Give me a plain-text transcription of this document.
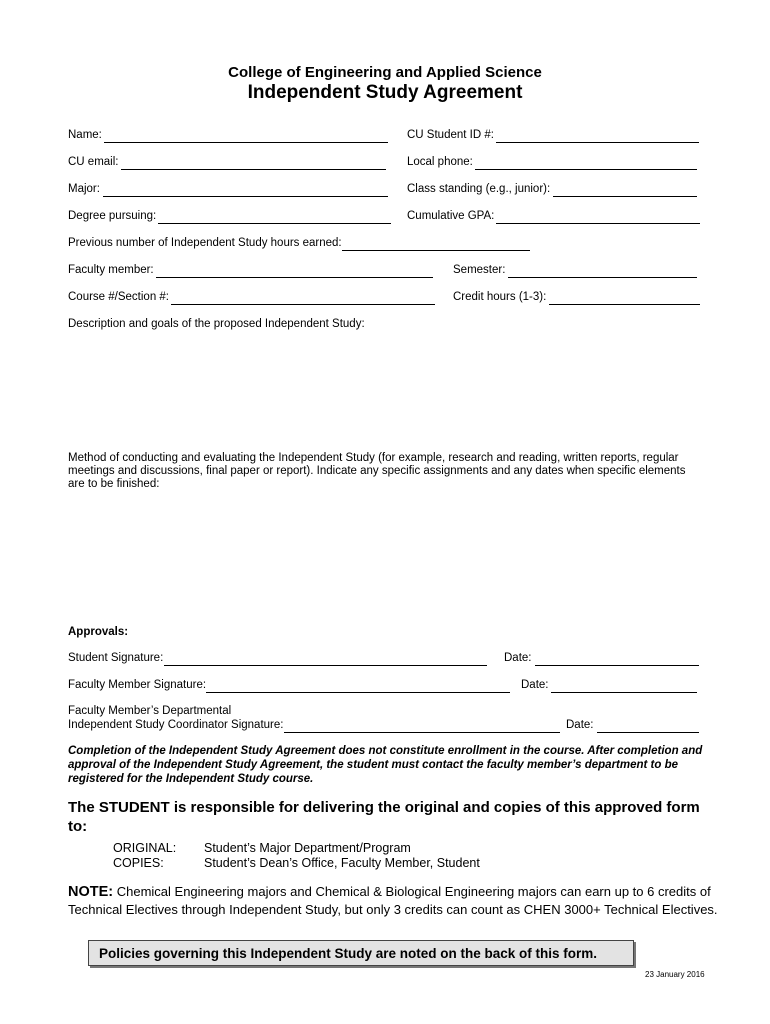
College of Engineering and Applied Science
Independent Study Agreement
Name:	CU Student ID #:
CU email:	Local phone:
Major:	Class standing (e.g., junior):
Degree pursuing:	Cumulative GPA:
Previous number of Independent Study hours earned:
Faculty member:	Semester:
Course #/Section #:	Credit hours (1-3):
Description and goals of the proposed Independent Study:
Method of conducting and evaluating the Independent Study (for example, research and reading, written reports, regular meetings and discussions, final paper or report). Indicate any specific assignments and any dates when specific elements are to be finished:
Approvals:
Student Signature:	Date:
Faculty Member Signature:	Date:
Faculty Member’s Departmental
Independent Study Coordinator Signature:	Date:
Completion of the Independent Study Agreement does not constitute enrollment in the course. After completion and approval of the Independent Study Agreement, the student must contact the faculty member’s department to be registered for the Independent Study course.
The STUDENT is responsible for delivering the original and copies of this approved form to:
ORIGINAL: Student’s Major Department/Program
COPIES:	Student’s Dean’s Office, Faculty Member, Student
NOTE: Chemical Engineering majors and Chemical & Biological Engineering majors can earn up to 6 credits of Technical Electives through Independent Study, but only 3 credits can count as CHEN 3000+ Technical Electives.
Policies governing this Independent Study are noted on the back of this form.
23 January 2016
